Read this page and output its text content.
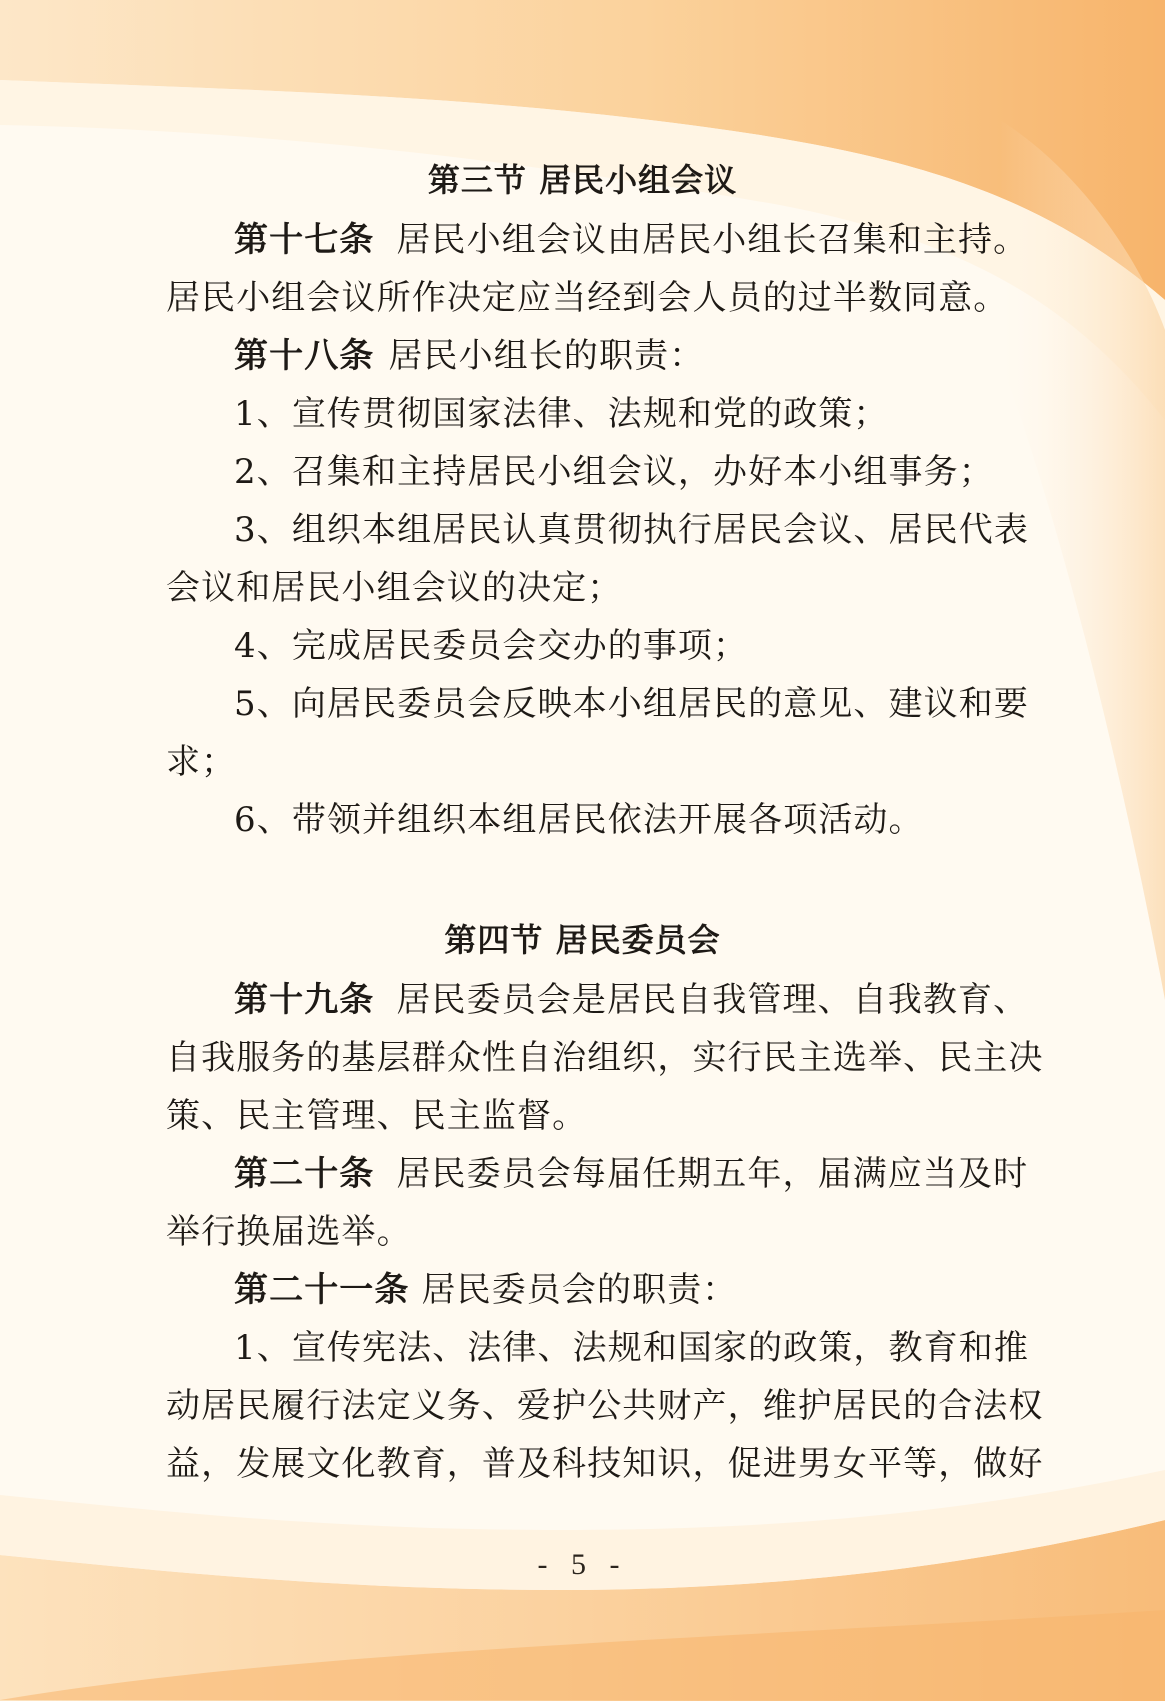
第三节 居民小组会议
第十七条 居民小组会议由居民小组长召集和主持。
居民小组会议所作决定应当经到会人员的过半数同意。
第十八条 居民小组长的职责：
1、宣传贯彻国家法律、法规和党的政策；
2、召集和主持居民小组会议，办好本小组事务；
3、组织本组居民认真贯彻执行居民会议、居民代表
会议和居民小组会议的决定；
4、完成居民委员会交办的事项；
5、向居民委员会反映本小组居民的意见、建议和要
求；
6、带领并组织本组居民依法开展各项活动。
第四节 居民委员会
第十九条 居民委员会是居民自我管理、自我教育、
自我服务的基层群众性自治组织，实行民主选举、民主决
策、民主管理、民主监督。
第二十条 居民委员会每届任期五年，届满应当及时
举行换届选举。
第二十一条 居民委员会的职责：
1、宣传宪法、法律、法规和国家的政策，教育和推
动居民履行法定义务、爱护公共财产，维护居民的合法权
益，发展文化教育，普及科技知识，促进男女平等，做好
- 5 -
